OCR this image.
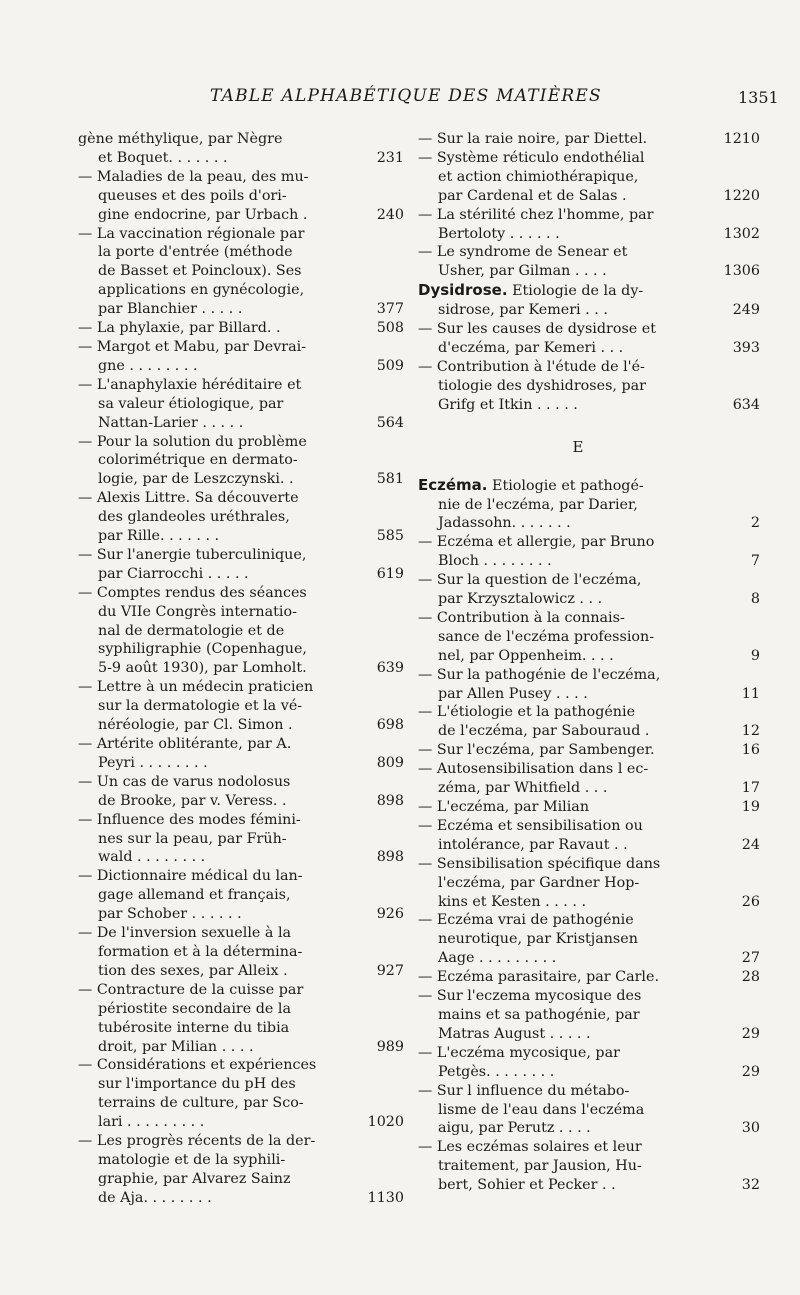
TABLE ALPHABÉTIQUE DES MATIÈRES	1351
gène méthylique, par Nègre
et Boquet. . . . . . .	231
— Maladies de la peau, des mu-
queuses et des poils d'ori-
gine endocrine, par Urbach .	240
— La vaccination régionale par
la porte d'entrée (méthode
de Basset et Poincloux). Ses
applications en gynécologie,
par Blanchier . . . . .	377
— La phylaxie, par Billard. .	508
— Margot et Mabu, par Devrai-
gne . . . . . . . .	509
— L'anaphylaxie héréditaire et
sa valeur étiologique, par
Nattan-Larier . . . . .	564
— Pour la solution du problème
colorimétrique en dermato-
logie, par de Leszczynski. .	581
— Alexis Littre. Sa découverte
des glandeoles uréthrales,
par Rille. . . . . . .	585
— Sur l'anergie tuberculinique,
par Ciarrocchi . . . . .	619
— Comptes rendus des séances
du VIIe Congrès internatio-
nal de dermatologie et de
syphiligraphie (Copenhague,
5-9 août 1930), par Lomholt.	639
— Lettre à un médecin praticien
sur la dermatologie et la vé-
néréologie, par Cl. Simon .	698
— Artérite oblitérante, par A.
Peyri . . . . . . . .	809
— Un cas de varus nodolosus
de Brooke, par v. Veress. .	898
— Influence des modes fémini-
nes sur la peau, par Früh-
wald . . . . . . . .	898
— Dictionnaire médical du lan-
gage allemand et français,
par Schober . . . . . .	926
— De l'inversion sexuelle à la
formation et à la détermina-
tion des sexes, par Alleix .	927
— Contracture de la cuisse par
périostite secondaire de la
tubérosite interne du tibia
droit, par Milian . . . .	989
— Considérations et expériences
sur l'importance du pH des
terrains de culture, par Sco-
lari . . . . . . . . .	1020
— Les progrès récents de la der-
matologie et de la syphili-
graphie, par Alvarez Sainz
de Aja. . . . . . . .	1130
— Sur la raie noire, par Diettel.	1210
— Système réticulo endothélial
et action chimiothérapique,
par Cardenal et de Salas .	1220
— La stérilité chez l'homme, par
Bertoloty . . . . . .	1302
— Le syndrome de Senear et
Usher, par Gilman . . . .	1306
Dysidrose. Etiologie de la dy-
sidrose, par Kemeri . . .	249
— Sur les causes de dysidrose et
d'eczéma, par Kemeri . . .	393
— Contribution à l'étude de l'é-
tiologie des dyshidroses, par
Grifg et Itkin . . . . .	634
E
Eczéma. Etiologie et pathogé-
nie de l'eczéma, par Darier,
Jadassohn. . . . . . .	2
— Eczéma et allergie, par Bruno
Bloch . . . . . . . .	7
— Sur la question de l'eczéma,
par Krzysztalowicz . . .	8
— Contribution à la connais-
sance de l'eczéma profession-
nel, par Oppenheim. . . .	9
— Sur la pathogénie de l'eczéma,
par Allen Pusey . . . .	11
— L'étiologie et la pathogénie
de l'eczéma, par Sabouraud .	12
— Sur l'eczéma, par Sambenger.	16
— Autosensibilisation dans l ec-
zéma, par Whitfield . . .	17
— L'eczéma, par Milian	19
— Eczéma et sensibilisation ou
intolérance, par Ravaut . .	24
— Sensibilisation spécifique dans
l'eczéma, par Gardner Hop-
kins et Kesten . . . . .	26
— Eczéma vrai de pathogénie
neurotique, par Kristjansen
Aage . . . . . . . . .	27
— Eczéma parasitaire, par Carle.	28
— Sur l'eczema mycosique des
mains et sa pathogénie, par
Matras August . . . . .	29
— L'eczéma mycosique, par
Petgès. . . . . . . .	29
— Sur l influence du métabo-
lisme de l'eau dans l'eczéma
aigu, par Perutz . . . .	30
— Les eczémas solaires et leur
traitement, par Jausion, Hu-
bert, Sohier et Pecker . .	32
